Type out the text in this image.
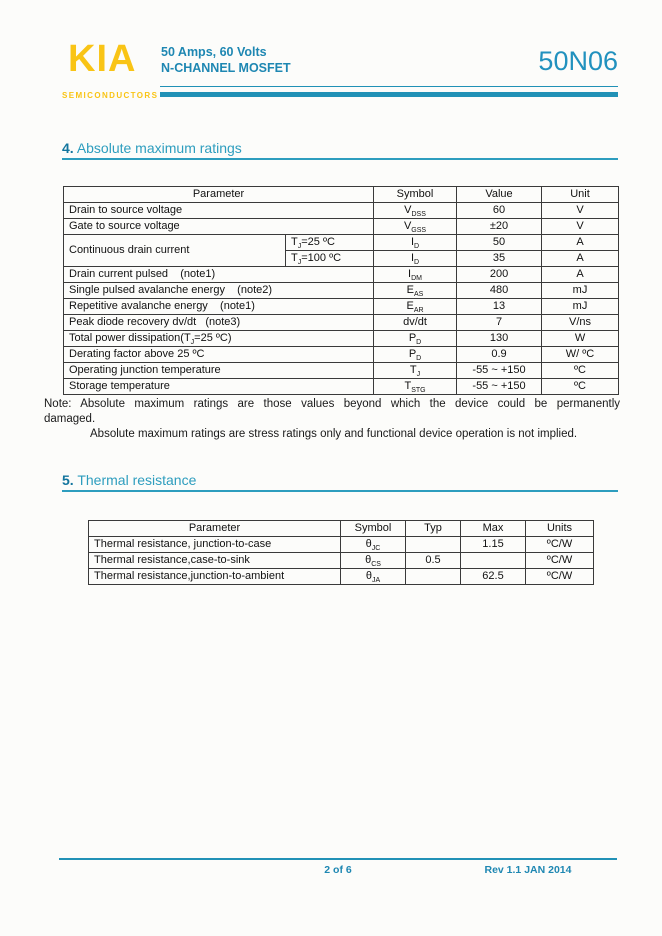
KIA
SEMICONDUCTORS
50 Amps, 60 Volts
N-CHANNEL MOSFET	50N06
4. Absolute maximum ratings
Parameter		Symbol	Value	Unit
Drain to source voltage		$V_{DSS}$	60	V
Gate to source voltage		$V_{GSS}$	±20	V
Continuous drain current	$T_J=25$ ºC	$I_D$	50	A
	$T_J=100$ ºC	$I_D$	35	A
Drain current pulsed    (note1)		$I_{DM}$	200	A
Single pulsed avalanche energy    (note2)		$E_{AS}$	480	mJ
Repetitive avalanche energy    (note1)		$E_{AR}$	13	mJ
Peak diode recovery dv/dt   (note3)		dv/dt	7	V/ns
Total power $dissipation(T_J=25$ ºC)		$P_D$	130	W
Derating factor above 25 ºC		$P_D$	0.9	W/ ºC
Operating junction temperature		$T_J$	-55 ~ +150	ºC
Storage temperature		$T_{STG}$	-55 ~ +150	ºC
Note: Absolute maximum ratings are those values beyond which the device could be permanently
damaged.
Absolute maximum ratings are stress ratings only and functional device operation is not implied.
5. Thermal resistance
Parameter	Symbol	Typ	Max	Units
Thermal resistance, junction-to-case	$\theta_{JC}$		1.15	ºC/W
Thermal resistance,case-to-sink	$\theta_{CS}$	0.5		ºC/W
Thermal resistance,junction-to-ambient	$\theta_{JA}$		62.5	ºC/W
2 of 6	Rev 1.1 JAN 2014
